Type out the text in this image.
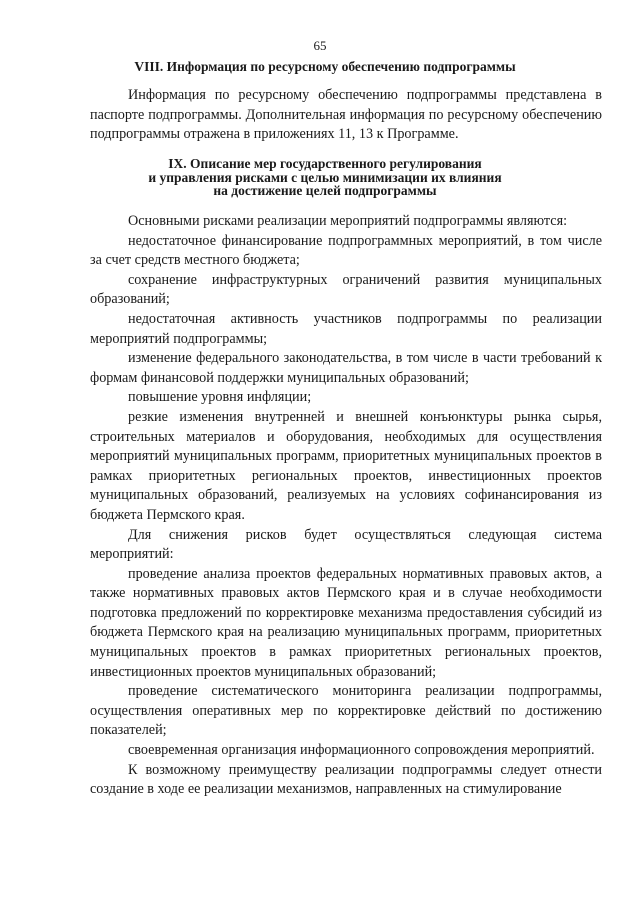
65
VIII. Информация по ресурсному обеспечению подпрограммы

Информация по ресурсному обеспечению подпрограммы представлена в паспорте подпрограммы. Дополнительная информация по ресурсному обеспечению подпрограммы отражена в приложениях 11, 13 к Программе.

IX. Описание мер государственного регулирования
и управления рисками с целью минимизации их влияния
на достижение целей подпрограммы

Основными рисками реализации мероприятий подпрограммы являются:

недостаточное финансирование подпрограммных мероприятий, в том числе за счет средств местного бюджета;

сохранение инфраструктурных ограничений развития муниципальных образований;

недостаточная активность участников подпрограммы по реализации мероприятий подпрограммы;

изменение федерального законодательства, в том числе в части требований к формам финансовой поддержки муниципальных образований;

повышение уровня инфляции;

резкие изменения внутренней и внешней конъюнктуры рынка сырья, строительных материалов и оборудования, необходимых для осуществления мероприятий муниципальных программ, приоритетных муниципальных проектов в рамках приоритетных региональных проектов, инвестиционных проектов муниципальных образований, реализуемых на условиях софинансирования из бюджета Пермского края.

Для снижения рисков будет осуществляться следующая система мероприятий:

проведение анализа проектов федеральных нормативных правовых актов, а также нормативных правовых актов Пермского края и в случае необходимости подготовка предложений по корректировке механизма предоставления субсидий из бюджета Пермского края на реализацию муниципальных программ, приоритетных муниципальных проектов в рамках приоритетных региональных проектов, инвестиционных проектов муниципальных образований;

проведение систематического мониторинга реализации подпрограммы, осуществления оперативных мер по корректировке действий по достижению показателей;

своевременная организация информационного сопровождения мероприятий.

К возможному преимуществу реализации подпрограммы следует отнести создание в ходе ее реализации механизмов, направленных на стимулирование
